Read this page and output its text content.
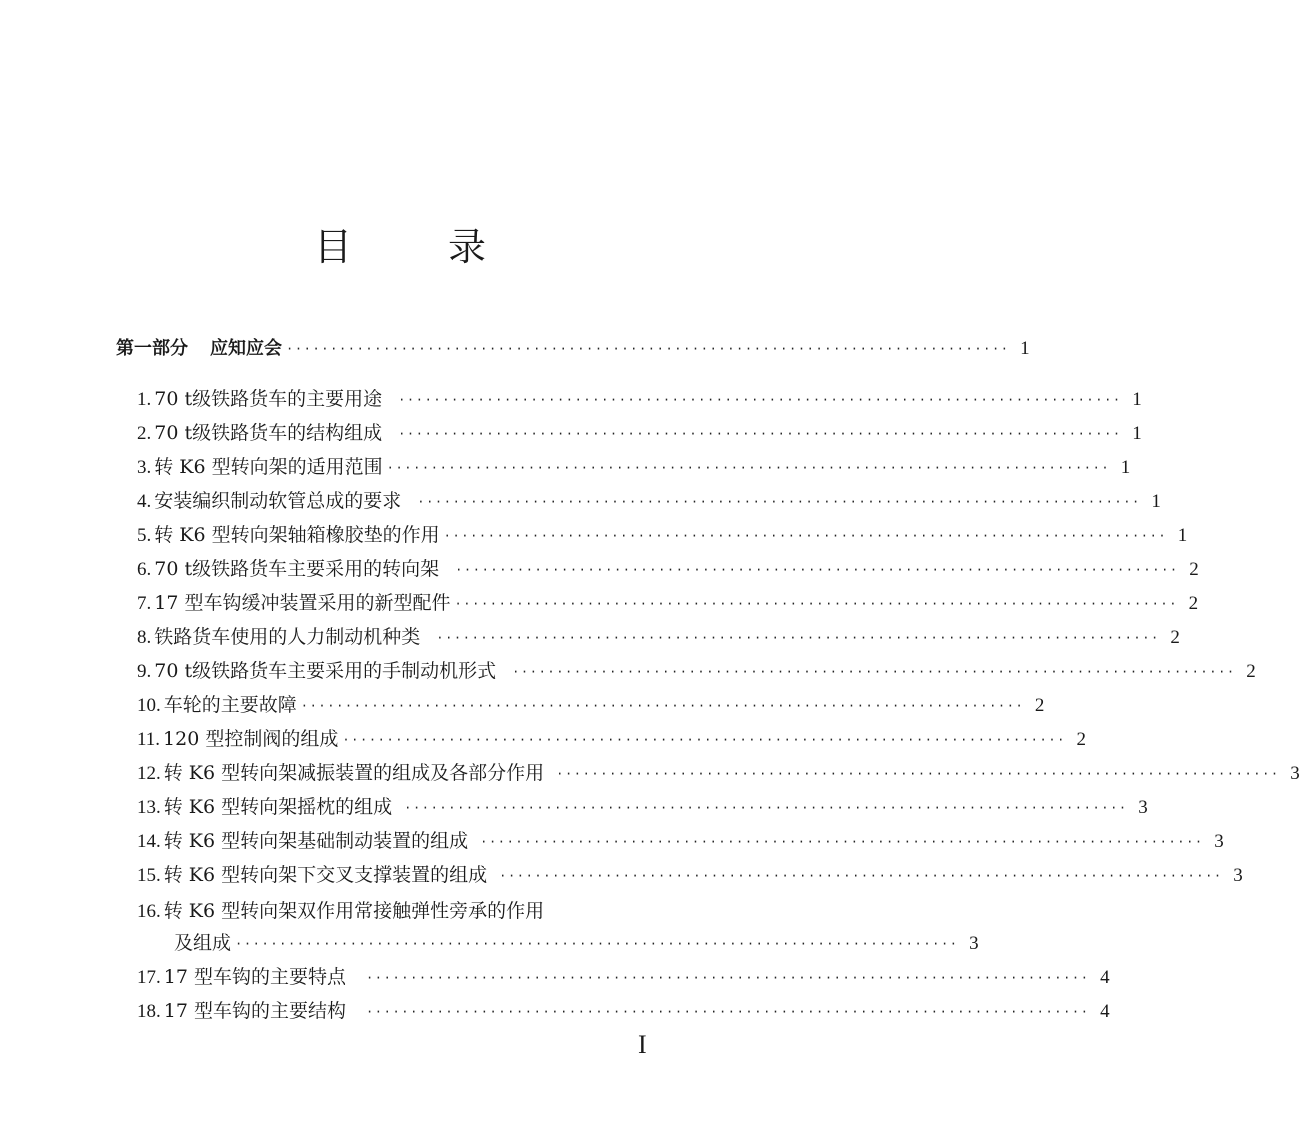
目录
第一部分 应知应会 ·················································································· 1
1. 70 t级铁路货车的主要用途 ·················································································· 1
2. 70 t级铁路货车的结构组成 ·················································································· 1
3. 转 K6 型转向架的适用范围 ·················································································· 1
4. 安装编织制动软管总成的要求 ·················································································· 1
5. 转 K6 型转向架轴箱橡胶垫的作用 ·················································································· 1
6. 70 t级铁路货车主要采用的转向架 ·················································································· 2
7. 17 型车钩缓冲装置采用的新型配件 ·················································································· 2
8. 铁路货车使用的人力制动机种类 ·················································································· 2
9. 70 t级铁路货车主要采用的手制动机形式 ·················································································· 2
10. 车轮的主要故障 ·················································································· 2
11. 120 型控制阀的组成 ·················································································· 2
12. 转 K6 型转向架减振装置的组成及各部分作用 ·················································································· 3
13. 转 K6 型转向架摇枕的组成 ·················································································· 3
14. 转 K6 型转向架基础制动装置的组成 ·················································································· 3
15. 转 K6 型转向架下交叉支撑装置的组成 ·················································································· 3
16. 转 K6 型转向架双作用常接触弹性旁承的作用
及组成 ·················································································· 3
17. 17 型车钩的主要特点 ·················································································· 4
18. 17 型车钩的主要结构 ·················································································· 4
I
